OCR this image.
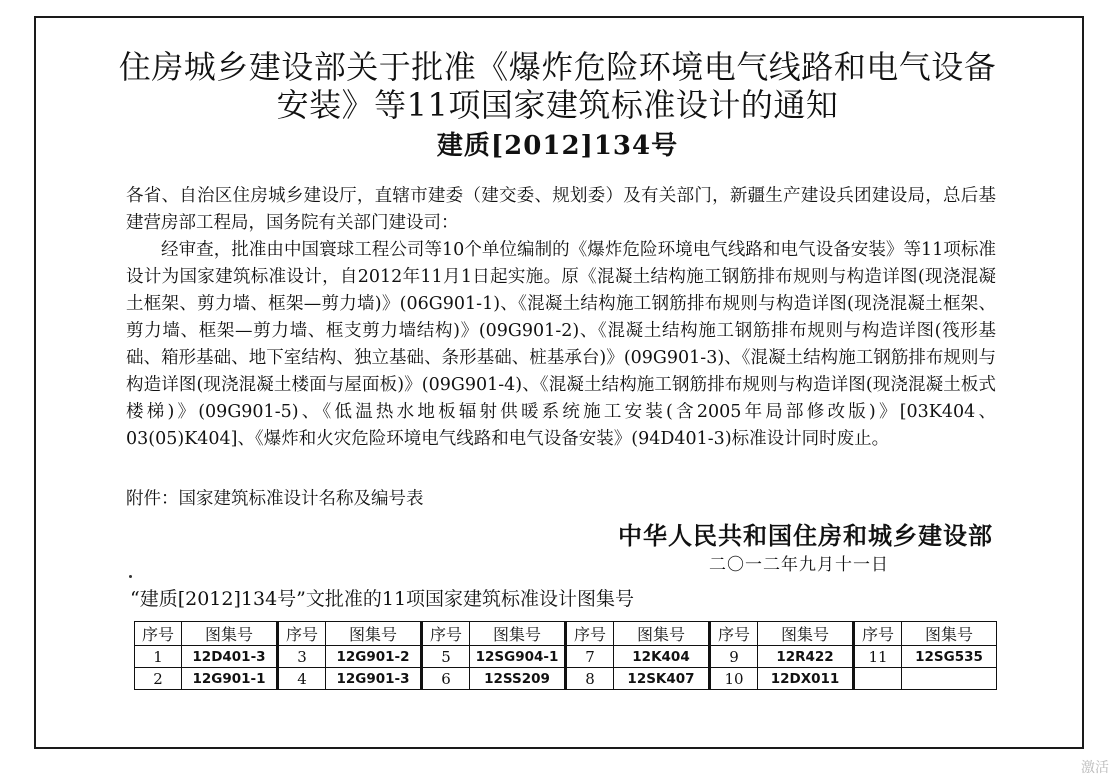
住房城乡建设部关于批准《爆炸危险环境电气线路和电气设备
安装》等11项国家建筑标准设计的通知
建质[2012]134号

各省、自治区住房城乡建设厅，直辖市建委（建交委、规划委）及有关部门，新疆生产建设兵团建设局，总后基建营房部工程局，国务院有关部门建设司：

经审查，批准由中国寰球工程公司等10个单位编制的《爆炸危险环境电气线路和电气设备安装》等11项标准设计为国家建筑标准设计，自2012年11月1日起实施。原《混凝土结构施工钢筋排布规则与构造详图(现浇混凝土框架、剪力墙、框架—剪力墙)》(06G901-1)、《混凝土结构施工钢筋排布规则与构造详图(现浇混凝土框架、剪力墙、框架—剪力墙、框支剪力墙结构)》(09G901-2)、《混凝土结构施工钢筋排布规则与构造详图(筏形基础、箱形基础、地下室结构、独立基础、条形基础、桩基承台)》(09G901-3)、《混凝土结构施工钢筋排布规则与构造详图(现浇混凝土楼面与屋面板)》(09G901-4)、《混凝土结构施工钢筋排布规则与构造详图(现浇混凝土板式楼梯)》(09G901-5)、《低温热水地板辐射供暖系统施工安装(含2005年局部修改版)》[03K404、03(05)K404]、《爆炸和火灾危险环境电气线路和电气设备安装》(94D401-3)标准设计同时废止。

附件：国家建筑标准设计名称及编号表

中华人民共和国住房和城乡建设部
二〇一二年九月十一日
“建质[2012]134号”文批准的11项国家建筑标准设计图集号
序号	图集号	序号	图集号	序号	图集号	序号	图集号	序号	图集号	序号	图集号
1	12D401-3	3	12G901-2	5	12SG904-1	7	12K404	9	12R422	11	12SG535
2	12G901-1	4	12G901-3	6	12SS209	8	12SK407	10	12DX011		
激活
